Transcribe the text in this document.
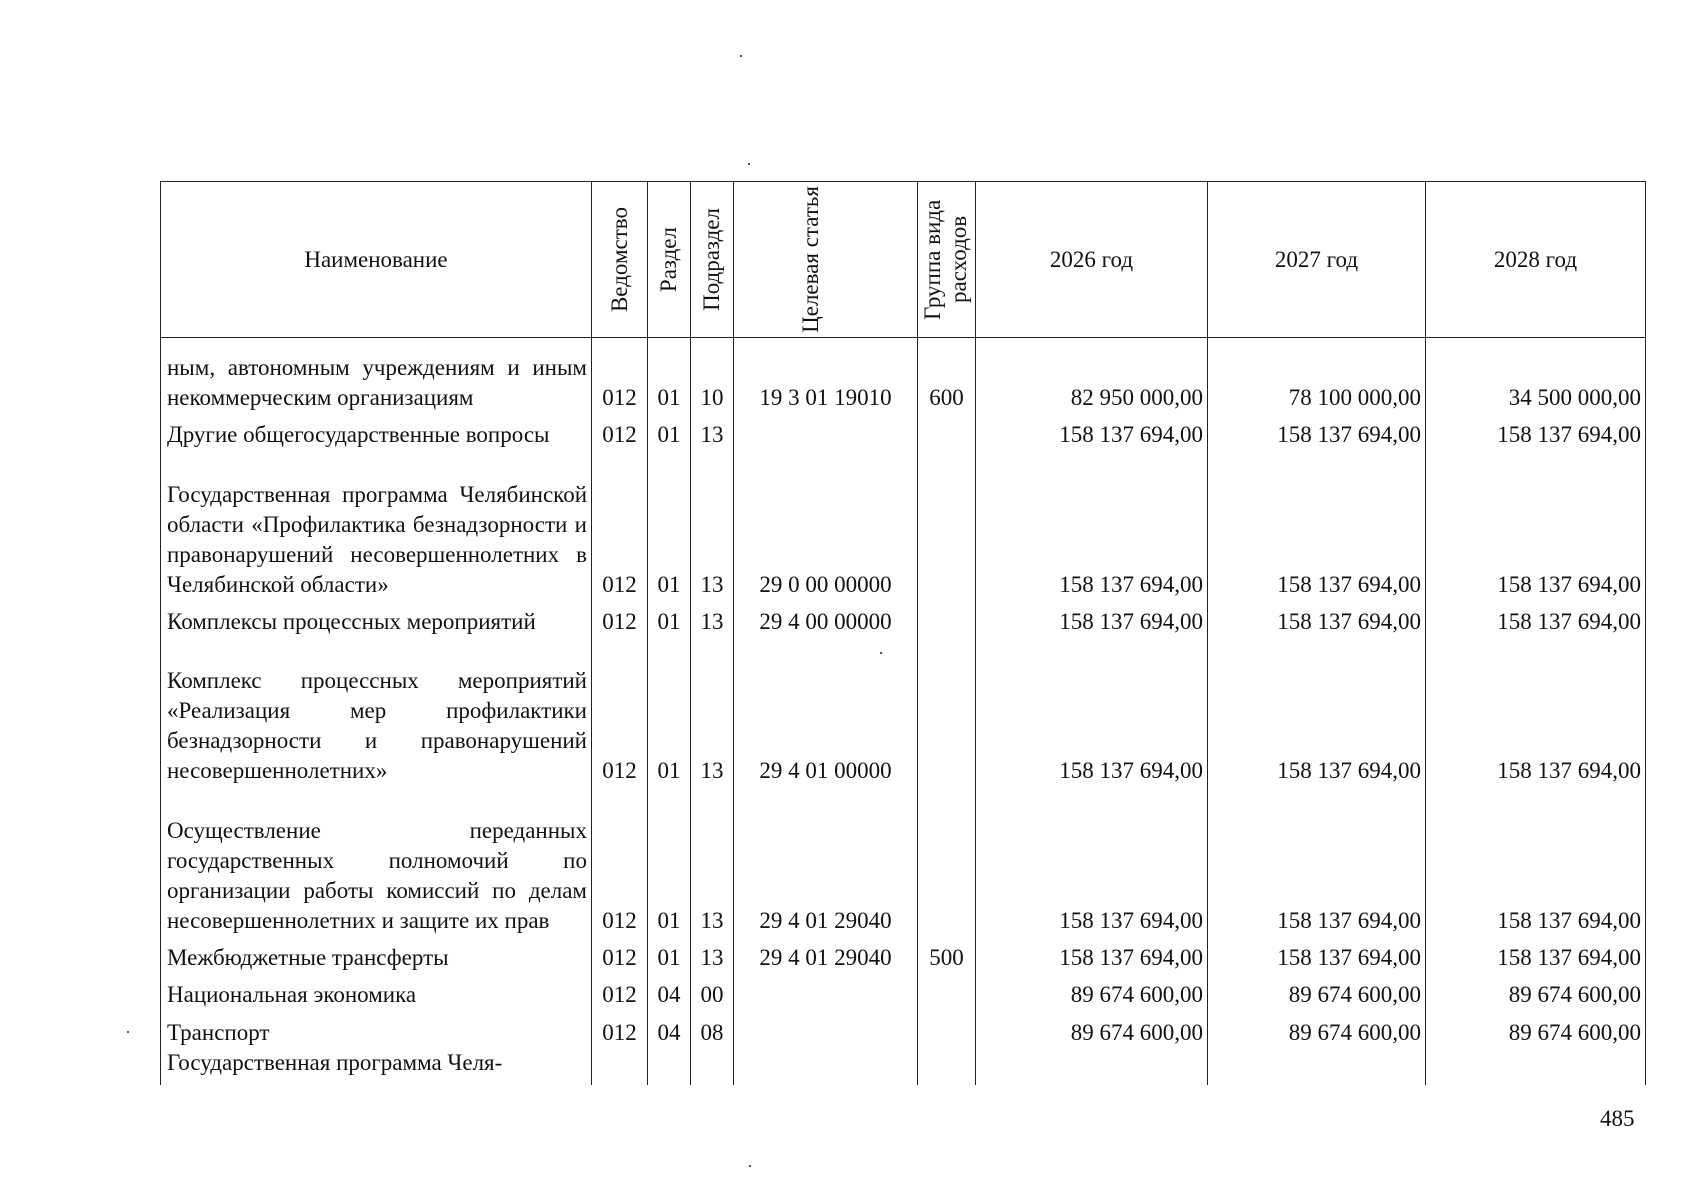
Наименование	Ведомство	Раздел	Подраздел	Целевая статья	Группа вида расходов	2026 год	2027 год	2028 год
ным, автономным учреждениям и иным некоммерческим организациям	012	01	10	19 3 01 19010	600	82 950 000,00	78 100 000,00	34 500 000,00
Другие общегосударственные вопросы	012	01	13			158 137 694,00	158 137 694,00	158 137 694,00
Государственная программа Челябинской области «Профилактика безнадзорности и правонарушений несовершеннолетних в Челябинской области»	012	01	13	29 0 00 00000		158 137 694,00	158 137 694,00	158 137 694,00
Комплексы процессных мероприятий	012	01	13	29 4 00 00000		158 137 694,00	158 137 694,00	158 137 694,00
Комплекс процессных мероприятий «Реализация мер профилактики безнадзорности и правонарушений несовершеннолетних»	012	01	13	29 4 01 00000		158 137 694,00	158 137 694,00	158 137 694,00
Осуществление переданных государственных полномочий по организации работы комиссий по делам несовершеннолетних и защите их прав	012	01	13	29 4 01 29040		158 137 694,00	158 137 694,00	158 137 694,00
Межбюджетные трансферты	012	01	13	29 4 01 29040	500	158 137 694,00	158 137 694,00	158 137 694,00
Национальная экономика	012	04	00			89 674 600,00	89 674 600,00	89 674 600,00
Транспорт	012	04	08			89 674 600,00	89 674 600,00	89 674 600,00
Государственная программа Челя-								
485
